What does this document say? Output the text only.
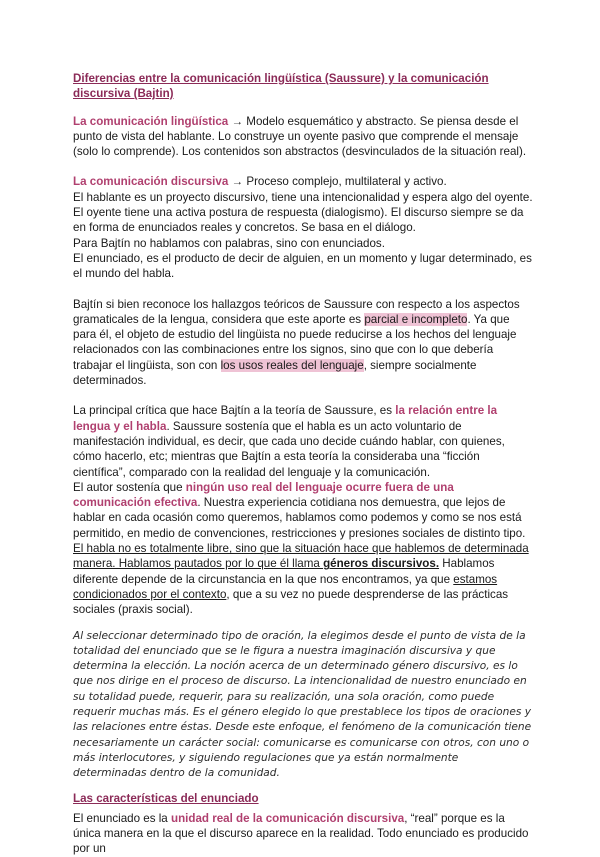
Diferencias entre la comunicación lingüística (Saussure) y la comunicación discursiva (Bajtin)

La comunicación lingüística → Modelo esquemático y abstracto. Se piensa desde el punto de vista del hablante. Lo construye un oyente pasivo que comprende el mensaje (solo lo comprende). Los contenidos son abstractos (desvinculados de la situación real).

La comunicación discursiva → Proceso complejo, multilateral y activo.

El hablante es un proyecto discursivo, tiene una intencionalidad y espera algo del oyente. El oyente tiene una activa postura de respuesta (dialogismo). El discurso siempre se da en forma de enunciados reales y concretos. Se basa en el diálogo.

Para Bajtín no hablamos con palabras, sino con enunciados.

El enunciado, es el producto de decir de alguien, en un momento y lugar determinado, es el mundo del habla.

Bajtín si bien reconoce los hallazgos teóricos de Saussure con respecto a los aspectos gramaticales de la lengua, considera que este aporte es parcial e incompleto. Ya que para él, el objeto de estudio del lingüista no puede reducirse a los hechos del lenguaje relacionados con las combinaciones entre los signos, sino que con lo que debería trabajar el lingüista, son con los usos reales del lenguaje, siempre socialmente determinados.

La principal crítica que hace Bajtín a la teoría de Saussure, es la relación entre la lengua y el habla. Saussure sostenía que el habla es un acto voluntario de manifestación individual, es decir, que cada uno decide cuándo hablar, con quienes, cómo hacerlo, etc; mientras que Bajtín a esta teoría la consideraba una “ficción científica”, comparado con la realidad del lenguaje y la comunicación.

El autor sostenía que ningún uso real del lenguaje ocurre fuera de una comunicación efectiva. Nuestra experiencia cotidiana nos demuestra, que lejos de hablar en cada ocasión como queremos, hablamos como podemos y como se nos está permitido, en medio de convenciones, restricciones y presiones sociales de distinto tipo. El habla no es totalmente libre, sino que la situación hace que hablemos de determinada manera. Hablamos pautados por lo que él llama géneros discursivos. Hablamos diferente depende de la circunstancia en la que nos encontramos, ya que estamos condicionados por el contexto, que a su vez no puede desprenderse de las prácticas sociales (praxis social).

Al seleccionar determinado tipo de oración, la elegimos desde el punto de vista de la totalidad del enunciado que se le figura a nuestra imaginación discursiva y que determina la elección. La noción acerca de un determinado género discursivo, es lo que nos dirige en el proceso de discurso. La intencionalidad de nuestro enunciado en su totalidad puede, requerir, para su realización, una sola oración, como puede requerir muchas más. Es el género elegido lo que prestablece los tipos de oraciones y las relaciones entre éstas. Desde este enfoque, el fenómeno de la comunicación tiene necesariamente un carácter social: comunicarse es comunicarse con otros, con uno o más interlocutores, y siguiendo regulaciones que ya están normalmente determinadas dentro de la comunidad.

Las características del enunciado

El enunciado es la unidad real de la comunicación discursiva, “real” porque es la única manera en la que el discurso aparece en la realidad. Todo enunciado es producido por un
